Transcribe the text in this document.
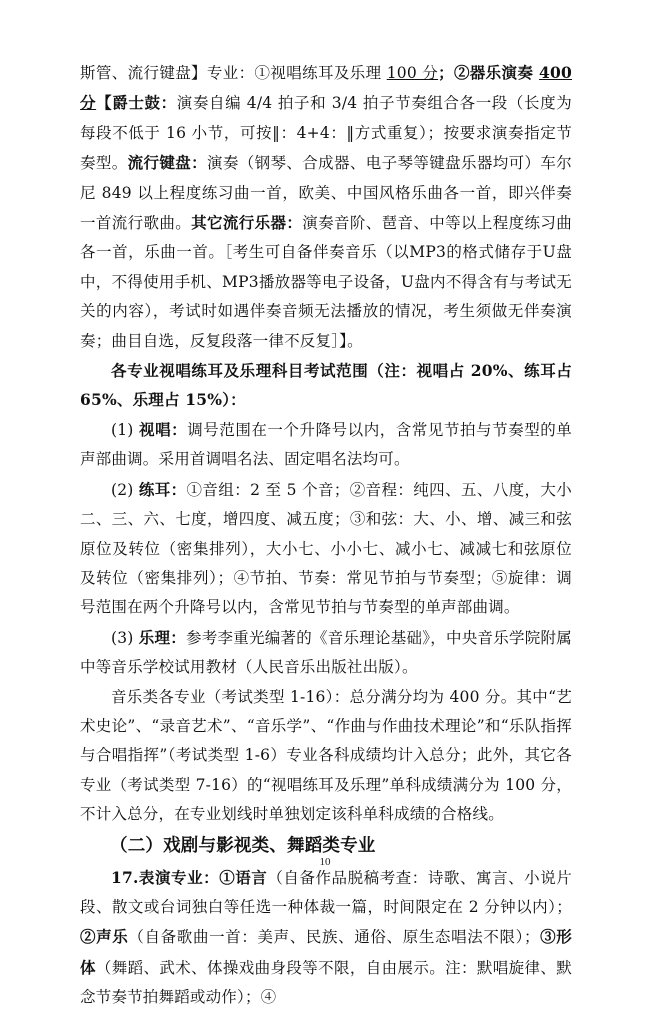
斯管、流行键盘】专业：①视唱练耳及乐理 100 分；②器乐演奏 400 分【爵士鼓：演奏自编 4/4 拍子和 3/4 拍子节奏组合各一段（长度为每段不低于 16 小节，可按‖：4+4：‖方式重复）；按要求演奏指定节奏型。流行键盘：演奏（钢琴、合成器、电子琴等键盘乐器均可）车尔尼 849 以上程度练习曲一首，欧美、中国风格乐曲各一首，即兴伴奏一首流行歌曲。其它流行乐器：演奏音阶、琶音、中等以上程度练习曲各一首，乐曲一首。［考生可自备伴奏音乐（以MP3的格式储存于U盘中，不得使用手机、MP3播放器等电子设备，U盘内不得含有与考试无关的内容），考试时如遇伴奏音频无法播放的情况，考生须做无伴奏演奏；曲目自选，反复段落一律不反复］】。

各专业视唱练耳及乐理科目考试范围（注：视唱占 20%、练耳占 65%、乐理占 15%）：

(1) 视唱：调号范围在一个升降号以内，含常见节拍与节奏型的单声部曲调。采用首调唱名法、固定唱名法均可。

(2) 练耳：①音组：2 至 5 个音；②音程：纯四、五、八度，大小二、三、六、七度，增四度、减五度；③和弦：大、小、增、减三和弦原位及转位（密集排列），大小七、小小七、减小七、减减七和弦原位及转位（密集排列）；④节拍、节奏：常见节拍与节奏型；⑤旋律：调号范围在两个升降号以内，含常见节拍与节奏型的单声部曲调。

(3) 乐理：参考李重光编著的《音乐理论基础》，中央音乐学院附属中等音乐学校试用教材（人民音乐出版社出版）。

音乐类各专业（考试类型 1-16）：总分满分均为 400 分。其中“艺术史论”、“录音艺术”、“音乐学”、“作曲与作曲技术理论”和“乐队指挥与合唱指挥”（考试类型 1-6）专业各科成绩均计入总分；此外，其它各专业（考试类型 7-16）的“视唱练耳及乐理”单科成绩满分为 100 分，不计入总分，在专业划线时单独划定该科单科成绩的合格线。

（二）戏剧与影视类、舞蹈类专业

17.表演专业：①语言（自备作品脱稿考查：诗歌、寓言、小说片段、散文或台词独白等任选一种体裁一篇，时间限定在 2 分钟以内）；②声乐（自备歌曲一首：美声、民族、通俗、原生态唱法不限）；③形体（舞蹈、武术、体操戏曲身段等不限，自由展示。注：默唱旋律、默念节奏节拍舞蹈或动作）；④

10
